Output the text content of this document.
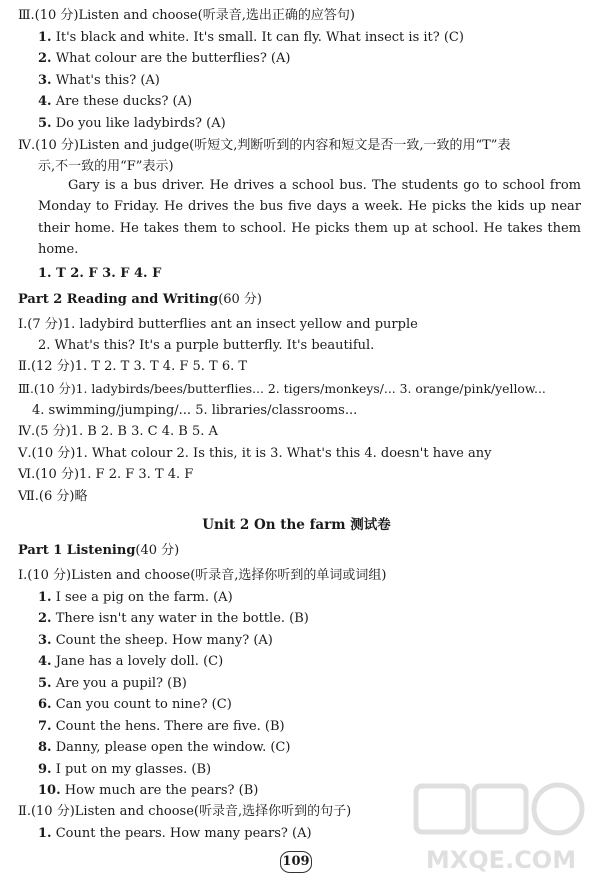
Ⅲ.(10 分)Listen and choose(听录音,选出正确的应答句)
1. It's black and white. It's small. It can fly. What insect is it? (C)
2. What colour are the butterflies? (A)
3. What's this? (A)
4. Are these ducks? (A)
5. Do you like ladybirds? (A)
Ⅳ.(10 分)Listen and judge(听短文,判断听到的内容和短文是否一致,一致的用“T”表
示,不一致的用“F”表示)
Gary is a bus driver. He drives a school bus. The students go to school from Monday to Friday. He drives the bus five days a week. He picks the kids up near their home. He takes them to school. He picks them up at school. He takes them home.
1. T 2. F 3. F 4. F
Part 2 Reading and Writing(60 分)
Ⅰ.(7 分)1. ladybird butterflies ant an insect yellow and purple
2. What's this? It's a purple butterfly. It's beautiful.
Ⅱ.(12 分)1. T 2. T 3. T 4. F 5. T 6. T
Ⅲ.(10 分)1. ladybirds/bees/butterflies... 2. tigers/monkeys/... 3. orange/pink/yellow...
4. swimming/jumping/... 5. libraries/classrooms...
Ⅳ.(5 分)1. B 2. B 3. C 4. B 5. A
Ⅴ.(10 分)1. What colour 2. Is this, it is 3. What's this 4. doesn't have any
Ⅵ.(10 分)1. F 2. F 3. T 4. F
Ⅶ.(6 分)略
Unit 2 On the farm 测试卷
Part 1 Listening(40 分)
Ⅰ.(10 分)Listen and choose(听录音,选择你听到的单词或词组)
1. I see a pig on the farm. (A)
2. There isn't any water in the bottle. (B)
3. Count the sheep. How many? (A)
4. Jane has a lovely doll. (C)
5. Are you a pupil? (B)
6. Can you count to nine? (C)
7. Count the hens. There are five. (B)
8. Danny, please open the window. (C)
9. I put on my glasses. (B)
10. How much are the pears? (B)
Ⅱ.(10 分)Listen and choose(听录音,选择你听到的句子)
1. Count the pears. How many pears? (A)
MXQE.COM
109
